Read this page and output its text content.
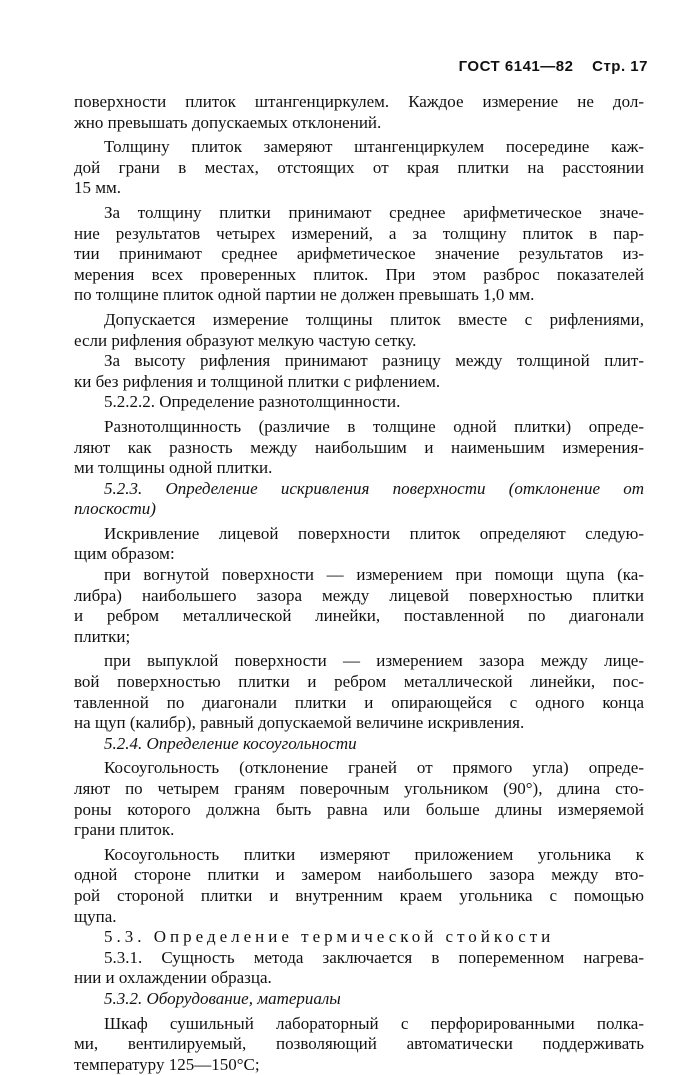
ГОСТ 6141—82 Стр. 17
поверхности плиток штангенциркулем. Каждое измерение не дол-
жно превышать допускаемых отклонений.
Толщину плиток замеряют штангенциркулем посередине каж-
дой грани в местах, отстоящих от края плитки на расстоянии
15 мм.
За толщину плитки принимают среднее арифметическое значе-
ние результатов четырех измерений, а за толщину плиток в пар-
тии принимают среднее арифметическое значение результатов из-
мерения всех проверенных плиток. При этом разброс показателей
по толщине плиток одной партии не должен превышать 1,0 мм.
Допускается измерение толщины плиток вместе с рифлениями,
если рифления образуют мелкую частую сетку.
За высоту рифления принимают разницу между толщиной плит-
ки без рифления и толщиной плитки с рифлением.
5.2.2.2. Определение разнотолщинности.
Разнотолщинность (различие в толщине одной плитки) опреде-
ляют как разность между наибольшим и наименьшим измерения-
ми толщины одной плитки.
5.2.3. Определение искривления поверхности (отклонение от
плоскости)
Искривление лицевой поверхности плиток определяют следую-
щим образом:
при вогнутой поверхности — измерением при помощи щупа (ка-
либра) наибольшего зазора между лицевой поверхностью плитки
и ребром металлической линейки, поставленной по диагонали
плитки;
при выпуклой поверхности — измерением зазора между лице-
вой поверхностью плитки и ребром металлической линейки, пос-
тавленной по диагонали плитки и опирающейся с одного конца
на щуп (калибр), равный допускаемой величине искривления.
5.2.4. Определение косоугольности
Косоугольность (отклонение граней от прямого угла) опреде-
ляют по четырем граням поверочным угольником (90°), длина сто-
роны которого должна быть равна или больше длины измеряемой
грани плиток.
Косоугольность плитки измеряют приложением угольника к
одной стороне плитки и замером наибольшего зазора между вто-
рой стороной плитки и внутренним краем угольника с помощью
щупа.
5.3. Определение термической стойкости
5.3.1. Сущность метода заключается в попеременном нагрева-
нии и охлаждении образца.
5.3.2. Оборудование, материалы
Шкаф сушильный лабораторный с перфорированными полка-
ми, вентилируемый, позволяющий автоматически поддерживать
температуру 125—150°С;
